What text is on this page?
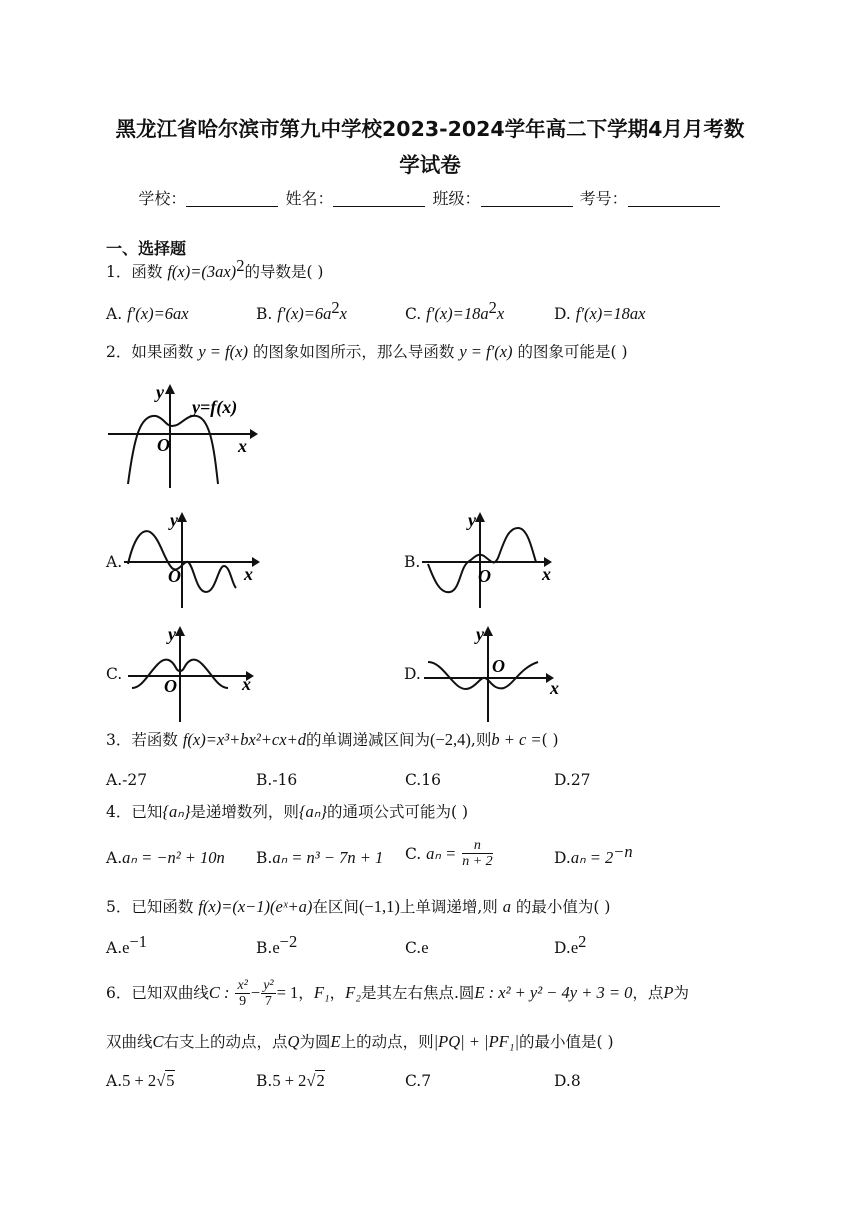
黑龙江省哈尔滨市第九中学校2023-2024学年高二下学期4月月考数
学试卷
学校：	姓名：	班级：	考号：
一、选择题
1．函数 $f(x)=(3ax)^2$的导数是( )
A. f′(x)=6ax	B. $f'(x)=6a^2x$	C. $f'(x)=18a^2x$	D. f′(x)=18ax
2．如果函数 y = f(x) 的图象如图所示，那么导函数 y = f′(x) 的图象可能是( )
y
O	x
y=f(x)
A.
y
O	x
B.
y
O	x
C.
y
O	x	D.
y
O
x
3．若函数 f(x)=x³+bx²+cx+d的单调递减区间为(−2,4),则b + c =( )
A.-27	B.-16	C.16	D.27
4．已知{aₙ}是递增数列，则{aₙ}的通项公式可能为( )
A.aₙ = −n² + 10n B.aₙ = n³ − 7n + 1 C. $a_n = \frac{n}{n + 2}$	$D.a_n = 2^{-n}$
5．已知函数 f(x)=(x−1)(eˣ+a)在区间(−1,1)上单调递增,则 a 的最小值为( )
$A.e^{-1}$	$B.e^{-2}$	C.e	$D.e^2$
6．已知双曲线C : $\frac{\text{x²}}{9} - \frac{\text{y²}}{7} = 1$，F₁，F₂是其左右焦点.圆E : x² + y² − 4y + 3 = 0，点P为
双曲线C右支上的动点，点Q为圆E上的动点，则|PQ| + |PF₁|的最小值是( )
A.5 + 2√5	B.5 + 2√2	C.7	D.8
